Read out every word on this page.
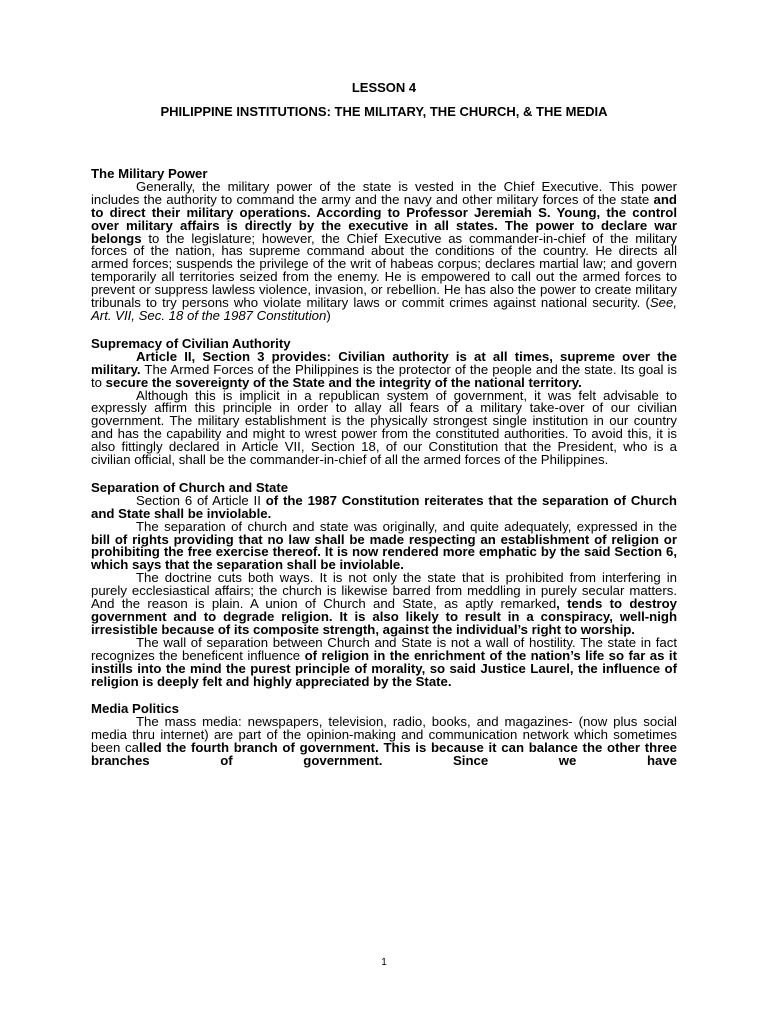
LESSON 4
PHILIPPINE INSTITUTIONS: THE MILITARY, THE CHURCH, & THE MEDIA

The Military Power

Generally, the military power of the state is vested in the Chief Executive. This power includes the authority to command the army and the navy and other military forces of the state and to direct their military operations. According to Professor Jeremiah S. Young, the control over military affairs is directly by the executive in all states. The power to declare war belongs to the legislature; however, the Chief Executive as commander-in-chief of the military forces of the nation, has supreme command about the conditions of the country. He directs all armed forces; suspends the privilege of the writ of habeas corpus; declares martial law; and govern temporarily all territories seized from the enemy. He is empowered to call out the armed forces to prevent or suppress lawless violence, invasion, or rebellion. He has also the power to create military tribunals to try persons who violate military laws or commit crimes against national security. (See, Art. VII, Sec. 18 of the 1987 Constitution)

Supremacy of Civilian Authority

Article II, Section 3 provides: Civilian authority is at all times, supreme over the military. The Armed Forces of the Philippines is the protector of the people and the state. Its goal is to secure the sovereignty of the State and the integrity of the national territory.

Although this is implicit in a republican system of government, it was felt advisable to expressly affirm this principle in order to allay all fears of a military take-over of our civilian government. The military establishment is the physically strongest single institution in our country and has the capability and might to wrest power from the constituted authorities. To avoid this, it is also fittingly declared in Article VII, Section 18, of our Constitution that the President, who is a civilian official, shall be the commander-in-chief of all the armed forces of the Philippines.

Separation of Church and State

Section 6 of Article II of the 1987 Constitution reiterates that the separation of Church and State shall be inviolable.

The separation of church and state was originally, and quite adequately, expressed in the bill of rights providing that no law shall be made respecting an establishment of religion or prohibiting the free exercise thereof. It is now rendered more emphatic by the said Section 6, which says that the separation shall be inviolable.

The doctrine cuts both ways. It is not only the state that is prohibited from interfering in purely ecclesiastical affairs; the church is likewise barred from meddling in purely secular matters. And the reason is plain. A union of Church and State, as aptly remarked, tends to destroy government and to degrade religion. It is also likely to result in a conspiracy, well-nigh irresistible because of its composite strength, against the individual’s right to worship.

The wall of separation between Church and State is not a wall of hostility. The state in fact recognizes the beneficent influence of religion in the enrichment of the nation’s life so far as it instills into the mind the purest principle of morality, so said Justice Laurel, the influence of religion is deeply felt and highly appreciated by the State.

Media Politics

The mass media: newspapers, television, radio, books, and magazines- (now plus social media thru internet) are part of the opinion-making and communication network which sometimes been called the fourth branch of government. This is because it can balance the other three branches of government. Since we have

1
